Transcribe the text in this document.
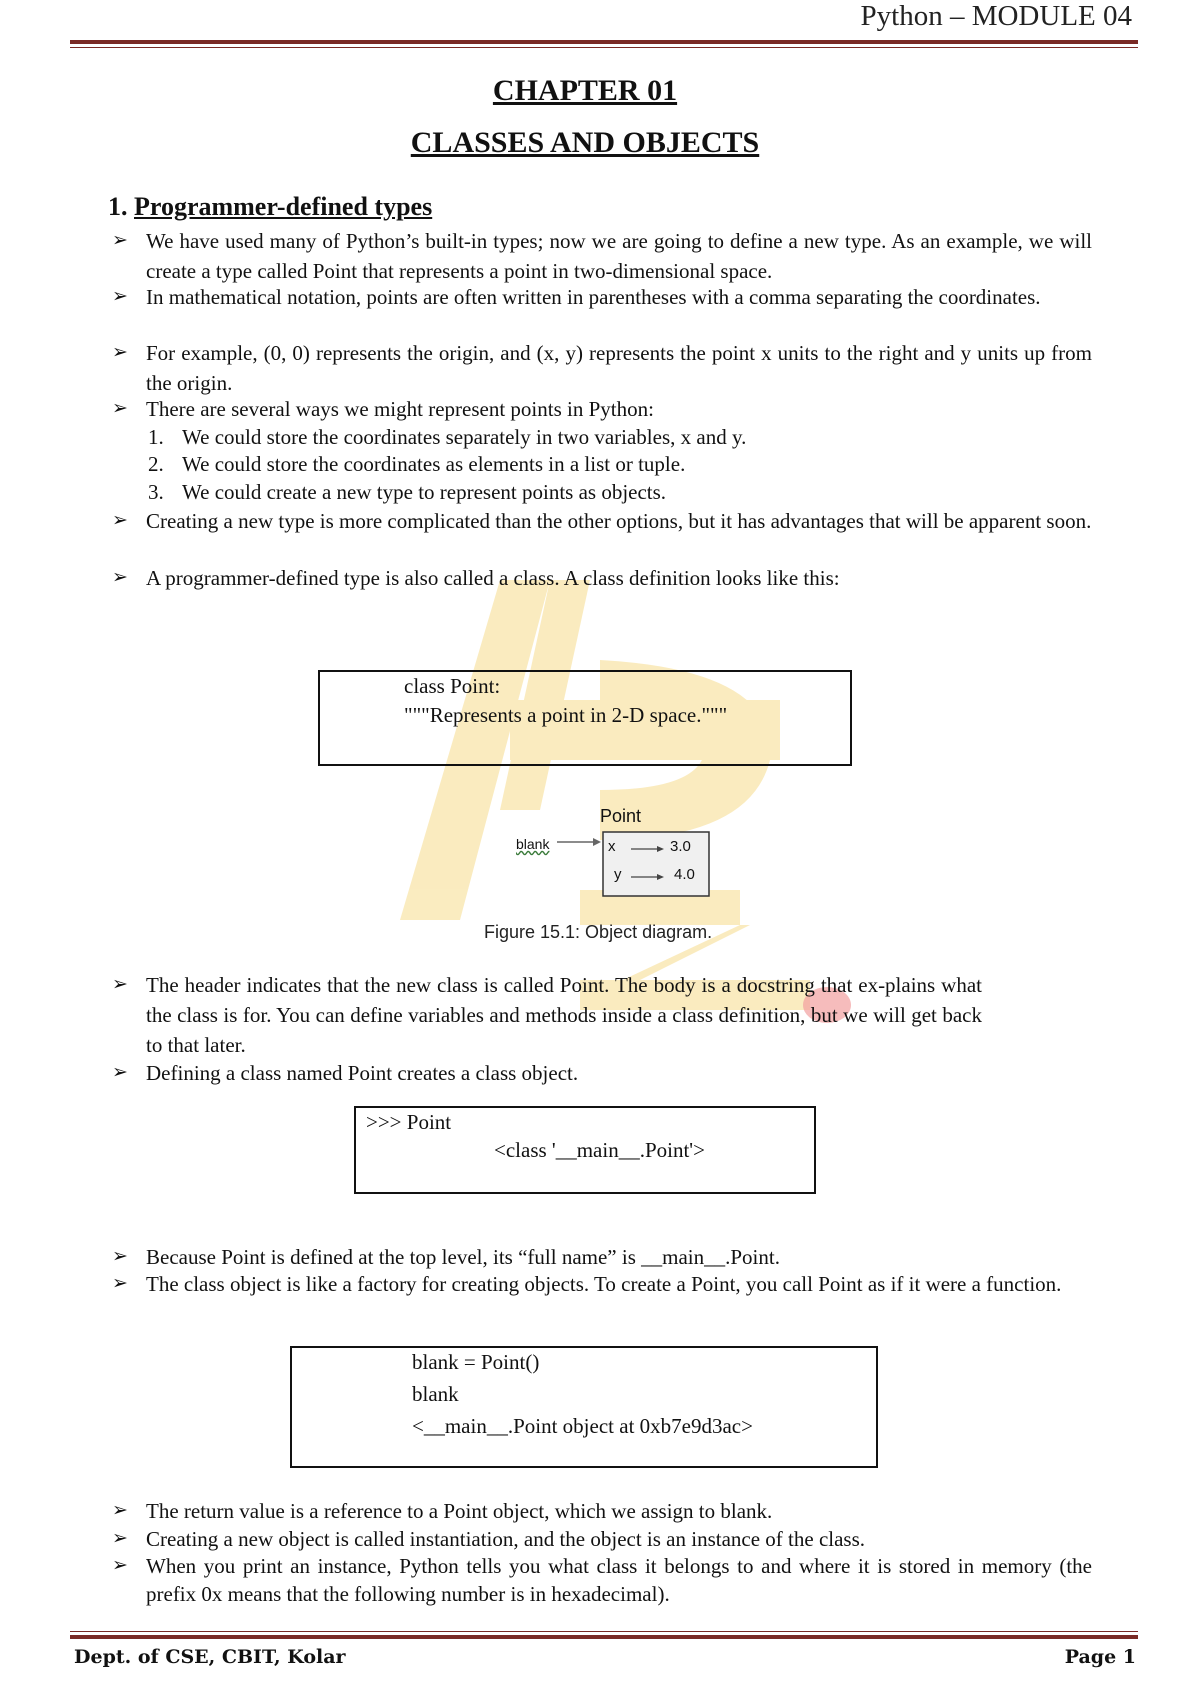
Python – MODULE 04
CHAPTER 01
CLASSES AND OBJECTS
1. Programmer-defined types
➢ We have used many of Python’s built-in types; now we are going to define a new type. As an example, we will create a type called Point that represents a point in two-dimensional space.
➢ In mathematical notation, points are often written in parentheses with a comma separating the coordinates.
➢ For example, (0, 0) represents the origin, and (x, y) represents the point x units to the right and y units up from the origin.
➢ There are several ways we might represent points in Python:
1. We could store the coordinates separately in two variables, x and y.
2. We could store the coordinates as elements in a list or tuple.
3. We could create a new type to represent points as objects.
➢ Creating a new type is more complicated than the other options, but it has advantages that will be apparent soon.
➢ A programmer-defined type is also called a class. A class definition looks like this:
class Point:
"""Represents a point in 2-D space."""
Point
blank	x	3.0
y	4.0
Figure 15.1: Object diagram.
➢ The header indicates that the new class is called Point. The body is a docstring that ex-plains what the class is for. You can define variables and methods inside a class definition, but we will get back to that later.
➢ Defining a class named Point creates a class object.
>>> Point
<class '__main__.Point'>
➢ Because Point is defined at the top level, its “full name” is __main__.Point.
➢ The class object is like a factory for creating objects. To create a Point, you call Point as if it were a function.
blank = Point()
blank
<__main__.Point object at 0xb7e9d3ac>
➢ The return value is a reference to a Point object, which we assign to blank.
➢ Creating a new object is called instantiation, and the object is an instance of the class.
➢ When you print an instance, Python tells you what class it belongs to and where it is stored in memory (the prefix 0x means that the following number is in hexadecimal).
Dept. of CSE, CBIT, Kolar	Page 1
